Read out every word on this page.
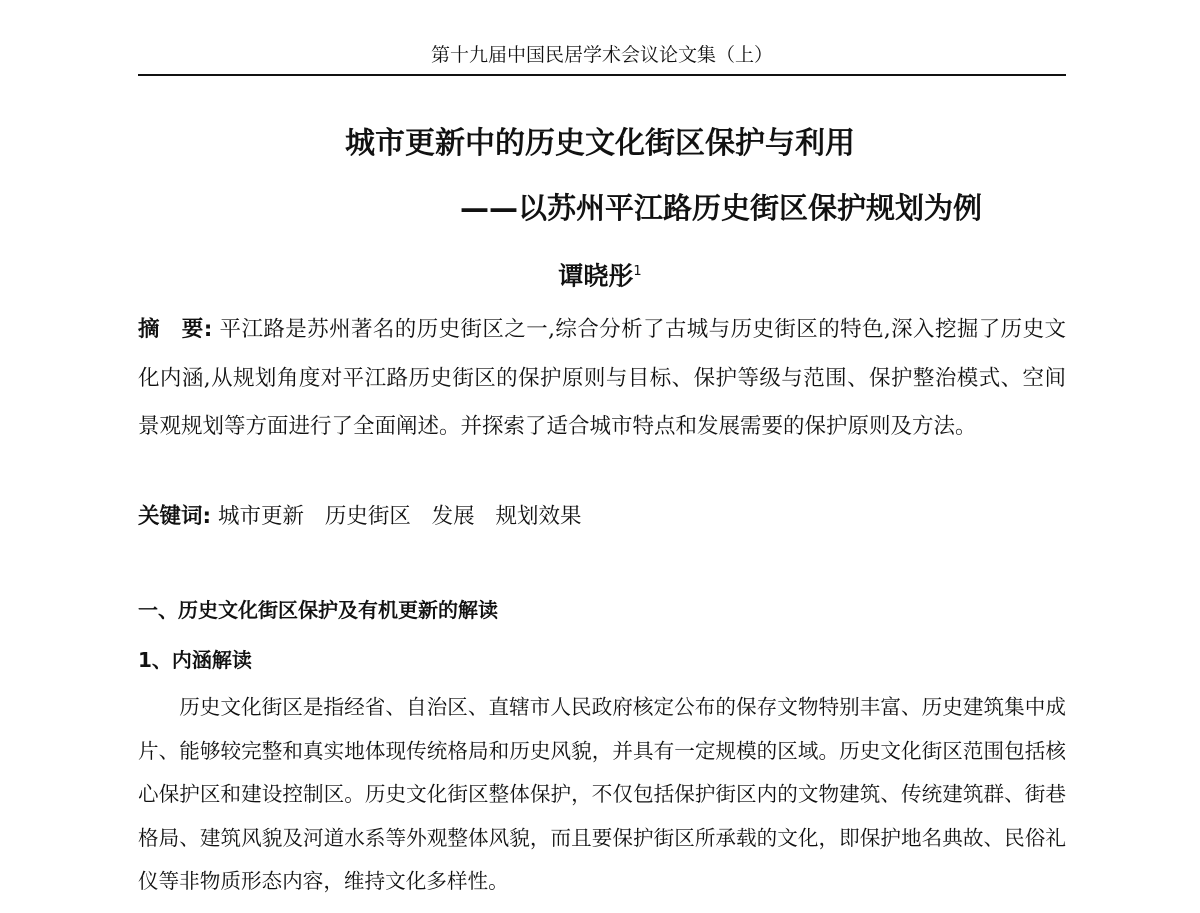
第十九届中国民居学术会议论文集（上）
城市更新中的历史文化街区保护与利用
——以苏州平江路历史街区保护规划为例
谭晓彤$^1$
摘　要: 平江路是苏州著名的历史街区之一,综合分析了古城与历史街区的特色,深入挖掘了历史文化内涵,从规划角度对平江路历史街区的保护原则与目标、保护等级与范围、保护整治模式、空间景观规划等方面进行了全面阐述。并探索了适合城市特点和发展需要的保护原则及方法。
关键词: 城市更新 历史街区 发展 规划效果
一、历史文化街区保护及有机更新的解读
1、内涵解读
历史文化街区是指经省、自治区、直辖市人民政府核定公布的保存文物特别丰富、历史建筑集中成片、能够较完整和真实地体现传统格局和历史风貌，并具有一定规模的区域。历史文化街区范围包括核心保护区和建设控制区。历史文化街区整体保护，不仅包括保护街区内的文物建筑、传统建筑群、街巷格局、建筑风貌及河道水系等外观整体风貌，而且要保护街区所承载的文化，即保护地名典故、民俗礼仪等非物质形态内容，维持文化多样性。
